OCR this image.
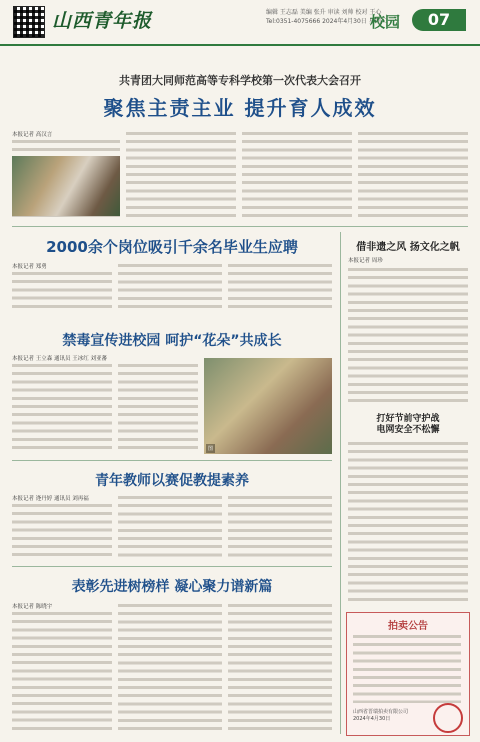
山西青年报	编辑 王志磊 美编 张升 审读 刘帅 校对 王心
Tel:0351-4075666 2024年4月30日 星期二
校园	07
共青团大同师范高等专科学校第一次代表大会召开
聚焦主责主业 提升育人成效
本报记者 高汉言
2000余个岗位吸引千余名毕业生应聘
本报记者 郑勇
禁毒宣传进校园 呵护“花朵”共成长
本报记者 王立森 通讯员 王冰红 刘亚蕃
图
青年教师以赛促教提素养
本报记者 逄丹婷 通讯员 刘再福
表彰先进树榜样 凝心聚力谱新篇
本报记者 陈晓宇
借非遗之风 扬文化之帆
本报记者 周珍
打好节前守护战
电网安全不松懈
拍卖公告
山西省晋瑞拍卖有限公司
2024年4月30日
